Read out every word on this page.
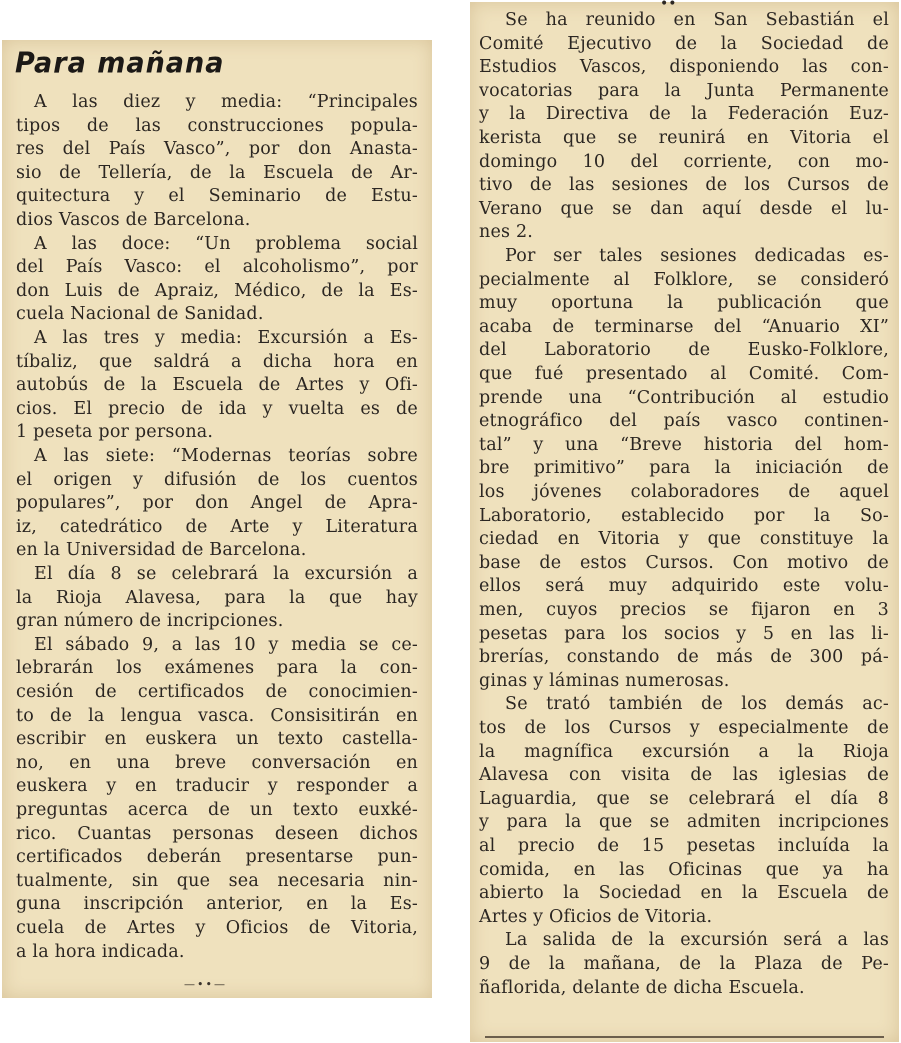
Para mañana
A las diez y media: “Principales
tipos de las construcciones popula-
res del País Vasco”, por don Anasta-
sio de Tellería, de la Escuela de Ar-
quitectura y el Seminario de Estu-
dios Vascos de Barcelona.
A las doce: “Un problema social
del País Vasco: el alcoholismo”, por
don Luis de Apraiz, Médico, de la Es-
cuela Nacional de Sanidad.
A las tres y media: Excursión a Es-
tíbaliz, que saldrá a dicha hora en
autobús de la Escuela de Artes y Ofi-
cios. El precio de ida y vuelta es de
1 peseta por persona.
A las siete: “Modernas teorías sobre
el origen y difusión de los cuentos
populares”, por don Angel de Apra-
iz, catedrático de Arte y Literatura
en la Universidad de Barcelona.
El día 8 se celebrará la excursión a
la Rioja Alavesa, para la que hay
gran número de incripciones.
El sábado 9, a las 10 y media se ce-
lebrarán los exámenes para la con-
cesión de certificados de conocimien-
to de la lengua vasca. Consisitirán en
escribir en euskera un texto castella-
no, en una breve conversación en
euskera y en traducir y responder a
preguntas acerca de un texto euxké-
rico. Cuantas personas deseen dichos
certificados deberán presentarse pun-
tualmente, sin que sea necesaria nin-
guna inscripción anterior, en la Es-
cuela de Artes y Oficios de Vitoria,
a la hora indicada.
—••—
••
Se ha reunido en San Sebastián el
Comité Ejecutivo de la Sociedad de
Estudios Vascos, disponiendo las con-
vocatorias para la Junta Permanente
y la Directiva de la Federación Euz-
kerista que se reunirá en Vitoria el
domingo 10 del corriente, con mo-
tivo de las sesiones de los Cursos de
Verano que se dan aquí desde el lu-
nes 2.
Por ser tales sesiones dedicadas es-
pecialmente al Folklore, se consideró
muy oportuna la publicación que
acaba de terminarse del “Anuario XI”
del Laboratorio de Eusko-Folklore,
que fué presentado al Comité. Com-
prende una “Contribución al estudio
etnográfico del país vasco continen-
tal” y una “Breve historia del hom-
bre primitivo” para la iniciación de
los jóvenes colaboradores de aquel
Laboratorio, establecido por la So-
ciedad en Vitoria y que constituye la
base de estos Cursos. Con motivo de
ellos será muy adquirido este volu-
men, cuyos precios se fijaron en 3
pesetas para los socios y 5 en las li-
brerías, constando de más de 300 pá-
ginas y láminas numerosas.
Se trató también de los demás ac-
tos de los Cursos y especialmente de
la magnífica excursión a la Rioja
Alavesa con visita de las iglesias de
Laguardia, que se celebrará el día 8
y para la que se admiten incripciones
al precio de 15 pesetas incluída la
comida, en las Oficinas que ya ha
abierto la Sociedad en la Escuela de
Artes y Oficios de Vitoria.
La salida de la excursión será a las
9 de la mañana, de la Plaza de Pe-
ñaflorida, delante de dicha Escuela.
